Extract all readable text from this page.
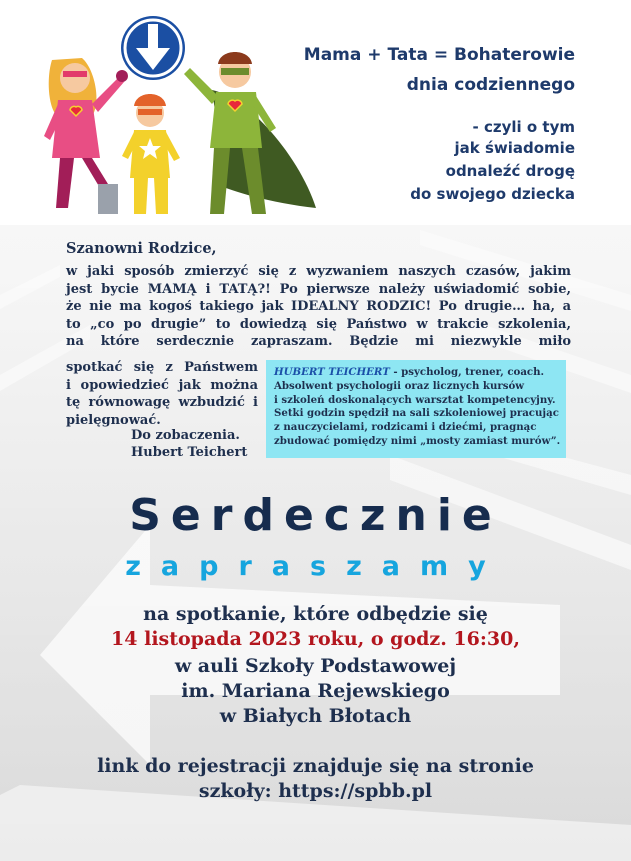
Mama + Tata = Bohaterowie
dnia codziennego
- czyli o tym
jak świadomie
odnaleźć drogę
do swojego dziecka
Szanowni Rodzice,
w jaki sposób zmierzyć się z wyzwaniem naszych czasów, jakim
jest bycie MAMĄ i TATĄ?! Po pierwsze należy uświadomić sobie,
że nie ma kogoś takiego jak IDEALNY RODZIC! Po drugie… ha, a
to „co po drugie” to dowiedzą się Państwo w trakcie szkolenia,
na które serdecznie zapraszam. Będzie mi niezwykle miło
spotkać się z Państwem
i opowiedzieć jak można
tę równowagę wzbudzić i
pielęgnować.
Do zobaczenia.
Hubert Teichert
HUBERT TEICHERT - psycholog, trener, coach.
Absolwent psychologii oraz licznych kursów
i szkoleń doskonalących warsztat kompetencyjny.
Setki godzin spędził na sali szkoleniowej pracując
z nauczycielami, rodzicami i dziećmi, pragnąc
zbudować pomiędzy nimi „mosty zamiast murów”.
Serdecznie
zapraszamy
na spotkanie, które odbędzie się
14 listopada 2023 roku, o godz. 16:30,
w auli Szkoły Podstawowej
im. Mariana Rejewskiego
w Białych Błotach
link do rejestracji znajduje się na stronie
szkoły: https://spbb.pl
